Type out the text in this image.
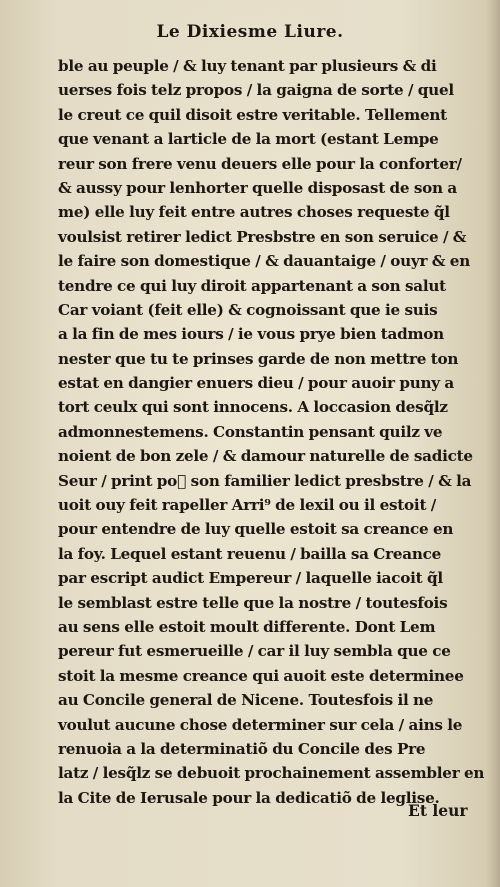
Le Dixiesme Liure.
ble au peuple / & luy tenant par plusieurs & di
uerses fois telz propos / la gaigna de sorte / quel
le creut ce quil disoit estre veritable. Tellement
que venant a larticle de la mort (estant Lempe
reur son frere venu deuers elle pour la conforter/
& aussy pour lenhorter quelle disposast de son a
me) elle luy feit entre autres choses requeste q̃l
voulsist retirer ledict Presbstre en son seruice / &
le faire son domestique / & dauantaige / ouyr & en
tendre ce qui luy diroit appartenant a son salut
Car voiant (feit elle) & cognoissant que ie suis
a la fin de mes iours / ie vous prye bien tadmon
nester que tu te prinses garde de non mettre ton
estat en dangier enuers dieu / pour auoir puny a
tort ceulx qui sont innocens. A loccasion desq̃lz
admonnestemens. Constantin pensant quilz ve
noient de bon zele / & damour naturelle de sadicte
Seur / print po᷑ son familier ledict presbstre / & la
uoit ouy feit rapeller Arri⁹ de lexil ou il estoit /
pour entendre de luy quelle estoit sa creance en
la foy. Lequel estant reuenu / bailla sa Creance
par escript audict Empereur / laquelle iacoit q̃l
le semblast estre telle que la nostre / toutesfois
au sens elle estoit moult differente. Dont Lem
pereur fut esmerueille / car il luy sembla que ce
stoit la mesme creance qui auoit este determinee
au Concile general de Nicene. Toutesfois il ne
voulut aucune chose determiner sur cela / ains le
renuoia a la determinatiõ du Concile des Pre
latz / lesq̃lz se debuoit prochainement assembler en
la Cite de Ierusale pour la dedicatiõ de leglise.
Et leur
